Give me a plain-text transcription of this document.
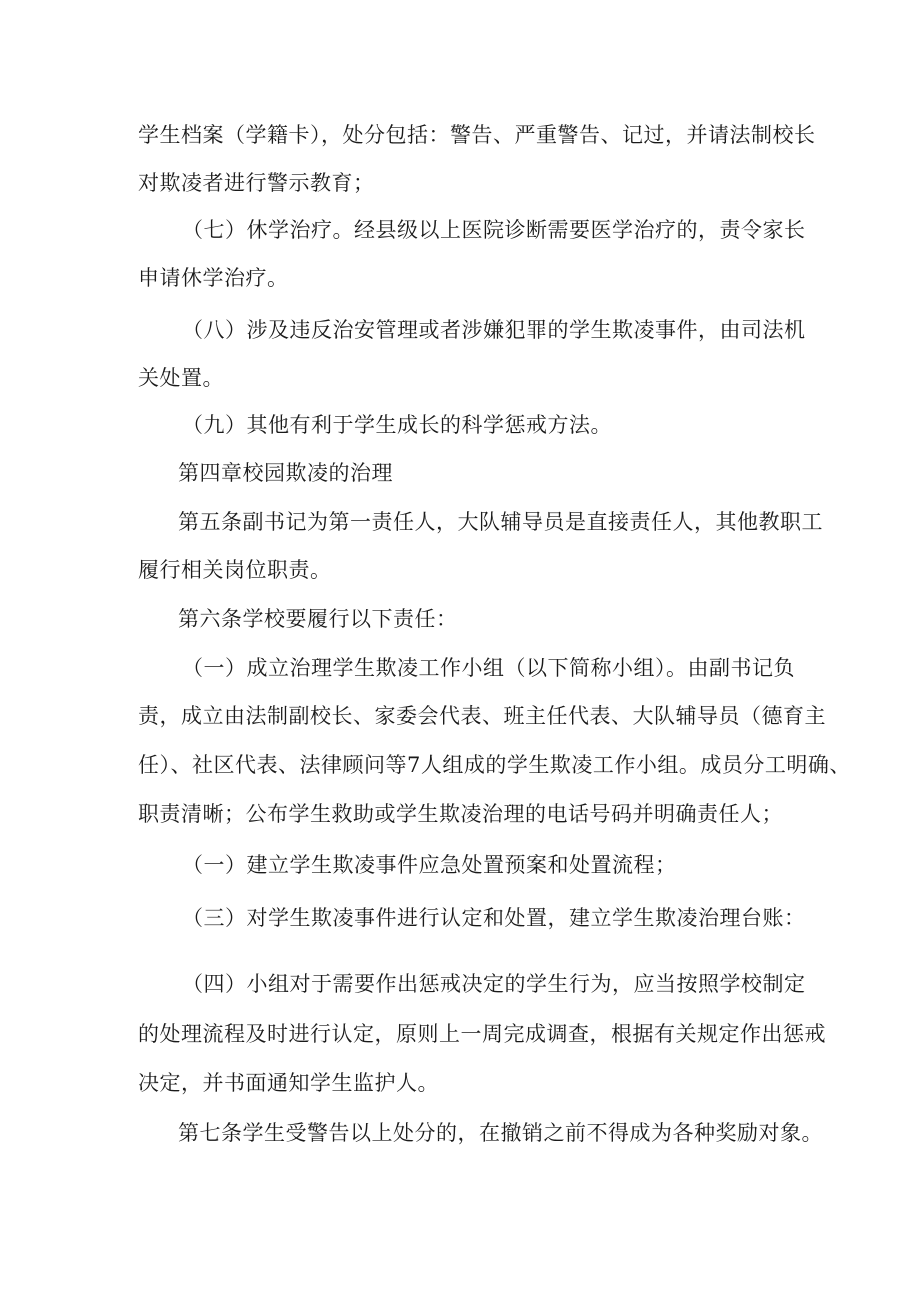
学生档案（学籍卡），处分包括：警告、严重警告、记过，并请法制校长
对欺凌者进行警示教育；
（七）休学治疗。经县级以上医院诊断需要医学治疗的，责令家长
申请休学治疗。
（八）涉及违反治安管理或者涉嫌犯罪的学生欺凌事件，由司法机
关处置。
（九）其他有利于学生成长的科学惩戒方法。
第四章校园欺凌的治理
第五条副书记为第一责任人，大队辅导员是直接责任人，其他教职工
履行相关岗位职责。
第六条学校要履行以下责任：
（一）成立治理学生欺凌工作小组（以下简称小组）。由副书记负
责，成立由法制副校长、家委会代表、班主任代表、大队辅导员（德育主
任）、社区代表、法律顾问等7人组成的学生欺凌工作小组。成员分工明确、
职责清晰；公布学生救助或学生欺凌治理的电话号码并明确责任人；
（一）建立学生欺凌事件应急处置预案和处置流程；
（三）对学生欺凌事件进行认定和处置，建立学生欺凌治理台账：
（四）小组对于需要作出惩戒决定的学生行为，应当按照学校制定
的处理流程及时进行认定，原则上一周完成调查，根据有关规定作出惩戒
决定，并书面通知学生监护人。
第七条学生受警告以上处分的，在撤销之前不得成为各种奖励对象。
